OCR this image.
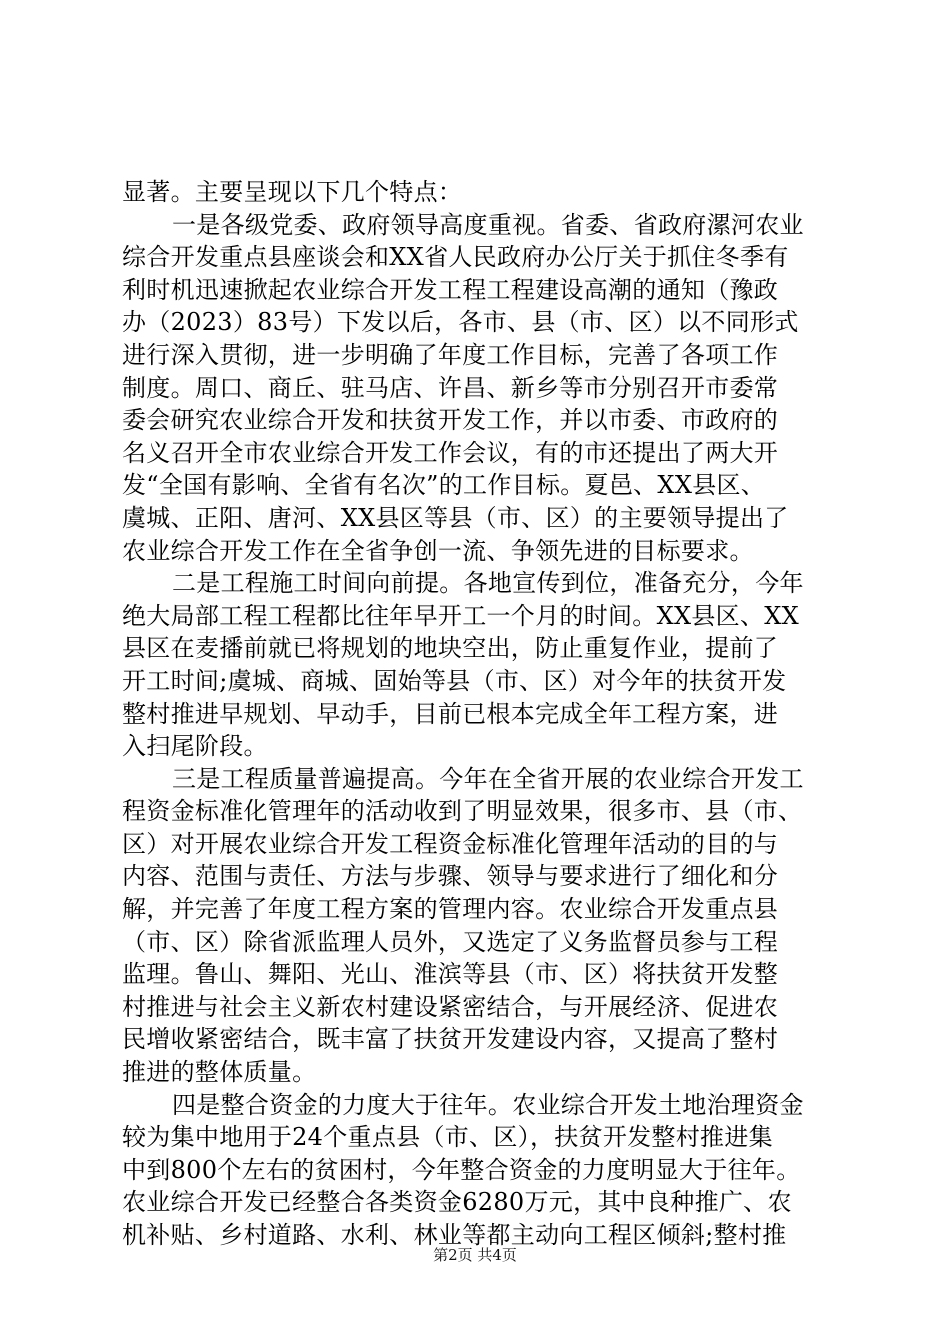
显著。主要呈现以下几个特点：
一是各级党委、政府领导高度重视。省委、省政府漯河农业
综合开发重点县座谈会和XX省人民政府办公厅关于抓住冬季有
利时机迅速掀起农业综合开发工程工程建设高潮的通知（豫政
办（2023）83号）下发以后，各市、县（市、区）以不同形式
进行深入贯彻，进一步明确了年度工作目标，完善了各项工作
制度。周口、商丘、驻马店、许昌、新乡等市分别召开市委常
委会研究农业综合开发和扶贫开发工作，并以市委、市政府的
名义召开全市农业综合开发工作会议，有的市还提出了两大开
发“全国有影响、全省有名次”的工作目标。夏邑、XX县区、
虞城、正阳、唐河、XX县区等县（市、区）的主要领导提出了
农业综合开发工作在全省争创一流、争领先进的目标要求。
二是工程施工时间向前提。各地宣传到位，准备充分，今年
绝大局部工程工程都比往年早开工一个月的时间。XX县区、XX
县区在麦播前就已将规划的地块空出，防止重复作业，提前了
开工时间;虞城、商城、固始等县（市、区）对今年的扶贫开发
整村推进早规划、早动手，目前已根本完成全年工程方案，进
入扫尾阶段。
三是工程质量普遍提高。今年在全省开展的农业综合开发工
程资金标准化管理年的活动收到了明显效果，很多市、县（市、
区）对开展农业综合开发工程资金标准化管理年活动的目的与
内容、范围与责任、方法与步骤、领导与要求进行了细化和分
解，并完善了年度工程方案的管理内容。农业综合开发重点县
（市、区）除省派监理人员外，又选定了义务监督员参与工程
监理。鲁山、舞阳、光山、淮滨等县（市、区）将扶贫开发整
村推进与社会主义新农村建设紧密结合，与开展经济、促进农
民增收紧密结合，既丰富了扶贫开发建设内容，又提高了整村
推进的整体质量。
四是整合资金的力度大于往年。农业综合开发土地治理资金
较为集中地用于24个重点县（市、区），扶贫开发整村推进集
中到800个左右的贫困村，今年整合资金的力度明显大于往年。
农业综合开发已经整合各类资金6280万元，其中良种推广、农
机补贴、乡村道路、水利、林业等都主动向工程区倾斜;整村推
第2页 共4页
